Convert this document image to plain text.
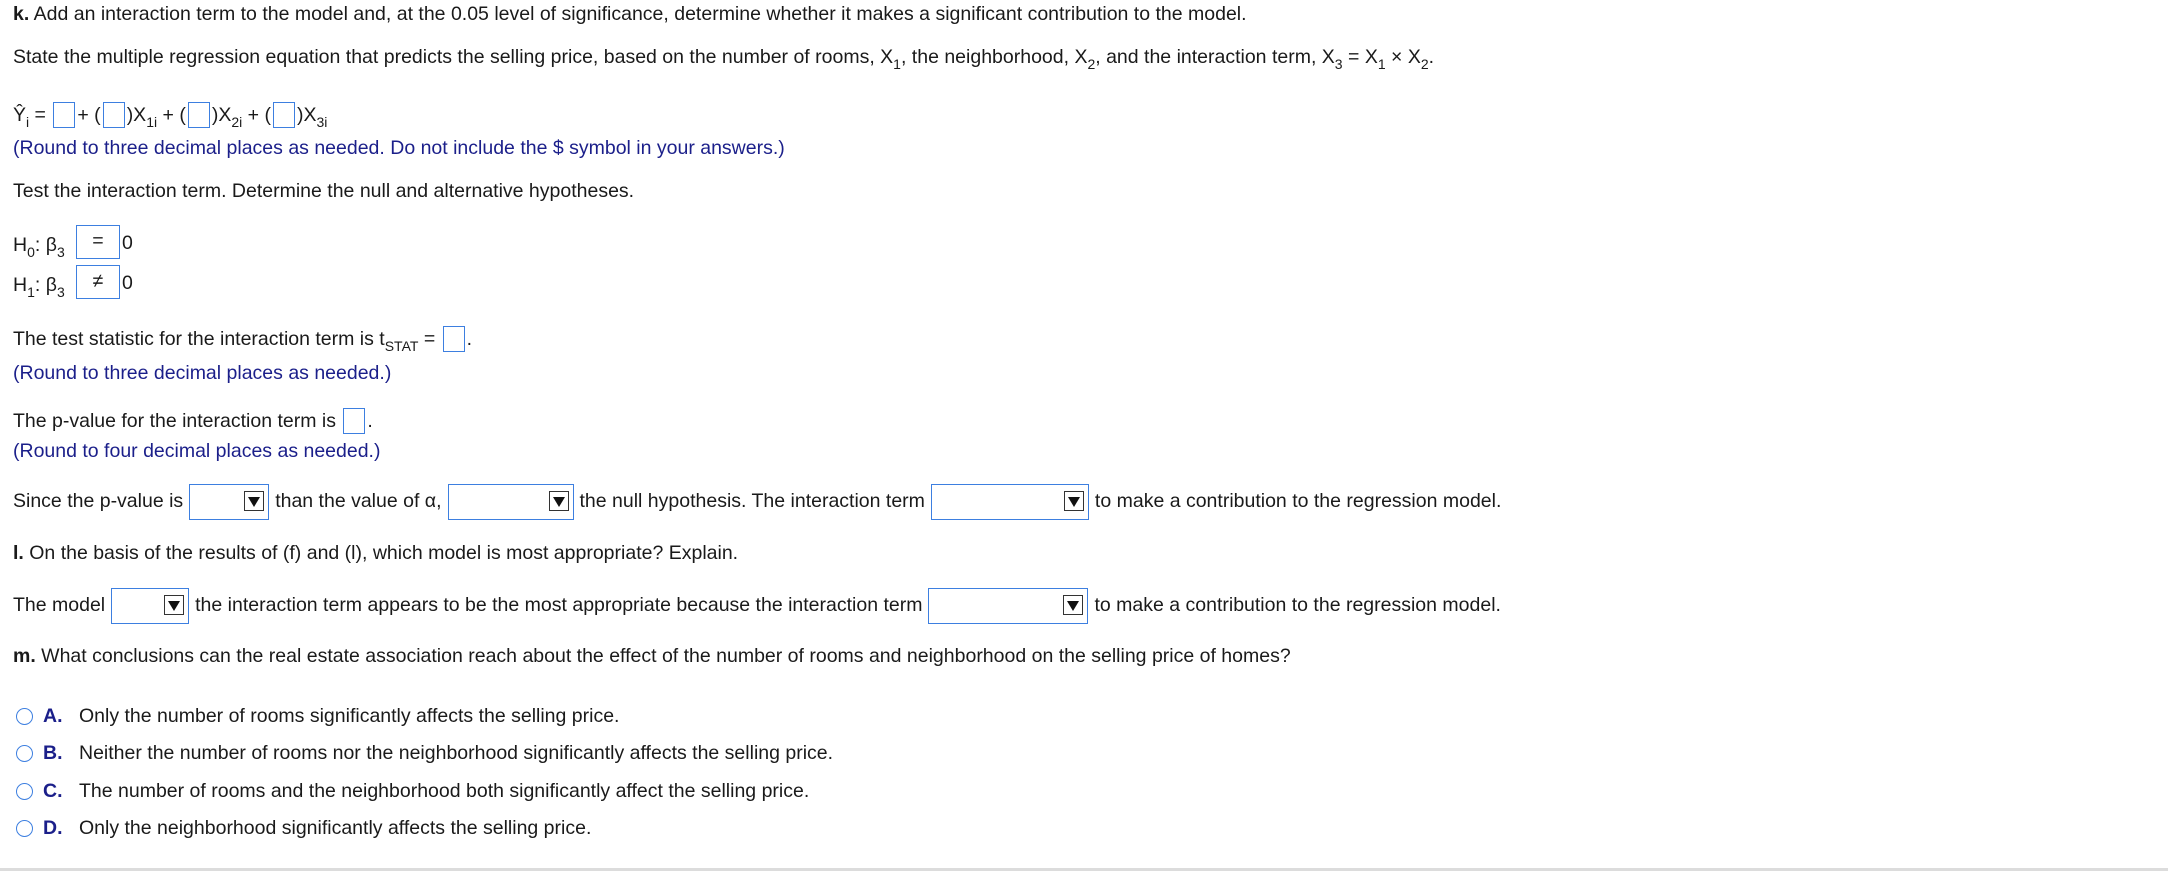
k. Add an interaction term to the model and, at the 0.05 level of significance, determine whether it makes a significant contribution to the model.
State the multiple regression equation that predicts the selling price, based on the number of rooms, $X_1$, the neighborhood, $X_2$, and the interaction term, $X_3 = X_1 \times X_2$.
$Ŷ_i$ = + ( )$X_{1i}$ + ( )$X_{2i}$ + ( )$X_{3i}$
(Round to three decimal places as needed. Do not include the $ symbol in your answers.)
Test the interaction term. Determine the null and alternative hypotheses.
$H_0$: $\beta_3$	= 0
$H_1$: $\beta_3$	≠ 0
The test statistic for the interaction term is $t_{STAT}$ = .
(Round to three decimal places as needed.)
The p-value for the interaction term is .
(Round to four decimal places as needed.)
Since the p-value is	than the value of α,	the null hypothesis. The interaction term	to make a contribution to the regression model.
l. On the basis of the results of (f) and (l), which model is most appropriate? Explain.
The model	the interaction term appears to be the most appropriate because the interaction term	to make a contribution to the regression model.
m. What conclusions can the real estate association reach about the effect of the number of rooms and neighborhood on the selling price of homes?
A. Only the number of rooms significantly affects the selling price.
B. Neither the number of rooms nor the neighborhood significantly affects the selling price.
C. The number of rooms and the neighborhood both significantly affect the selling price.
D. Only the neighborhood significantly affects the selling price.
